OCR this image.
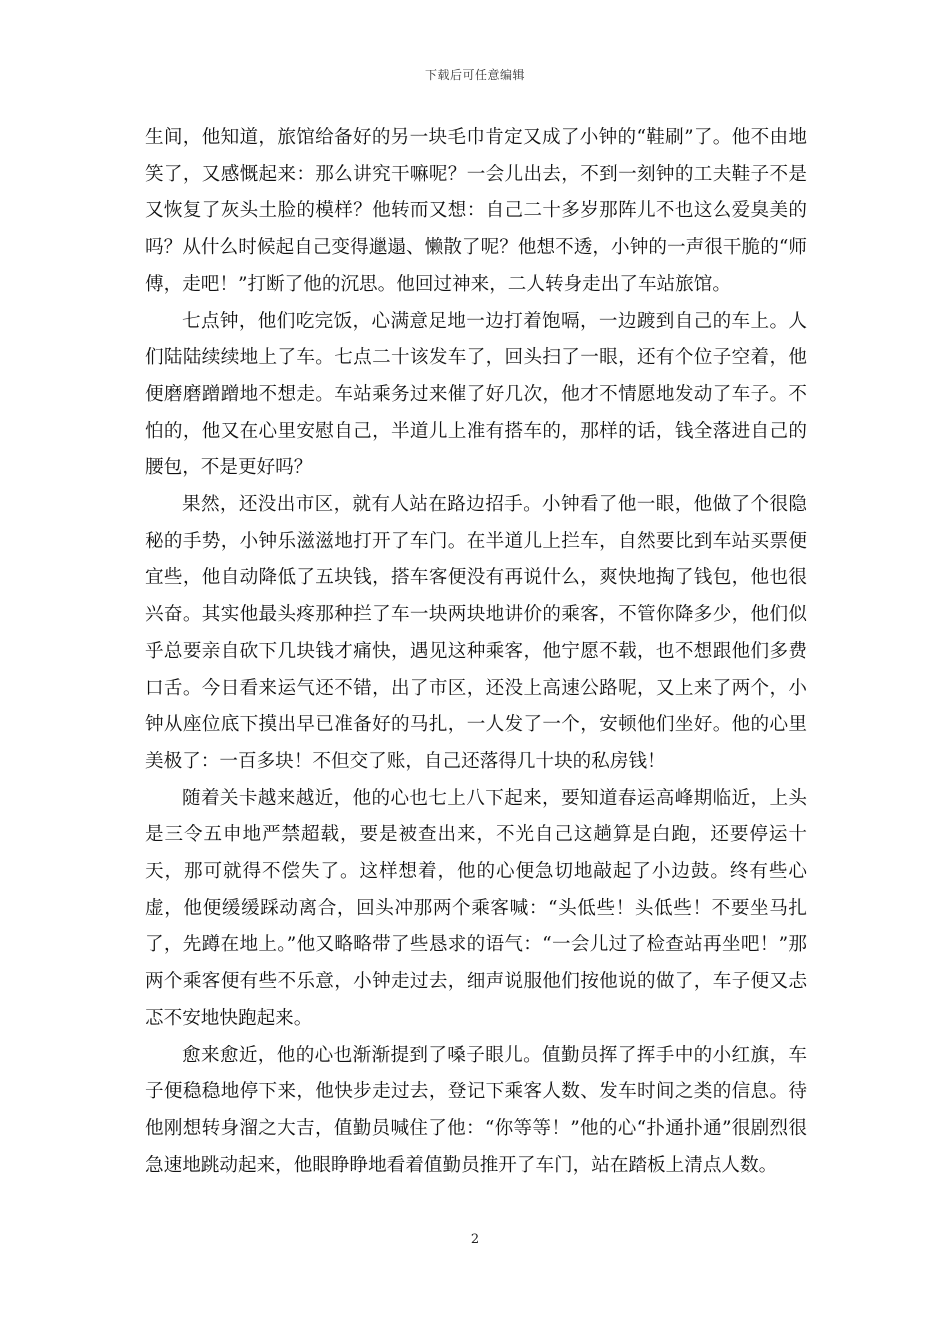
下载后可任意编辑

生间，他知道，旅馆给备好的另一块毛巾肯定又成了小钟的“鞋刷”了。他不由地笑了，又感慨起来：那么讲究干嘛呢？一会儿出去，不到一刻钟的工夫鞋子不是又恢复了灰头土脸的模样？他转而又想：自己二十多岁那阵儿不也这么爱臭美的吗？从什么时候起自己变得邋遢、懒散了呢？他想不透，小钟的一声很干脆的“师傅，走吧！”打断了他的沉思。他回过神来，二人转身走出了车站旅馆。

七点钟，他们吃完饭，心满意足地一边打着饱嗝，一边踱到自己的车上。人们陆陆续续地上了车。七点二十该发车了，回头扫了一眼，还有个位子空着，他便磨磨蹭蹭地不想走。车站乘务过来催了好几次，他才不情愿地发动了车子。不怕的，他又在心里安慰自己，半道儿上准有搭车的，那样的话，钱全落进自己的腰包，不是更好吗？

果然，还没出市区，就有人站在路边招手。小钟看了他一眼，他做了个很隐秘的手势，小钟乐滋滋地打开了车门。在半道儿上拦车，自然要比到车站买票便宜些，他自动降低了五块钱，搭车客便没有再说什么，爽快地掏了钱包，他也很兴奋。其实他最头疼那种拦了车一块两块地讲价的乘客，不管你降多少，他们似乎总要亲自砍下几块钱才痛快，遇见这种乘客，他宁愿不载，也不想跟他们多费口舌。今日看来运气还不错，出了市区，还没上高速公路呢，又上来了两个，小钟从座位底下摸出早已准备好的马扎，一人发了一个，安顿他们坐好。他的心里美极了：一百多块！不但交了账，自己还落得几十块的私房钱！

随着关卡越来越近，他的心也七上八下起来，要知道春运高峰期临近，上头是三令五申地严禁超载，要是被查出来，不光自己这趟算是白跑，还要停运十天，那可就得不偿失了。这样想着，他的心便急切地敲起了小边鼓。终有些心虚，他便缓缓踩动离合，回头冲那两个乘客喊：“头低些！头低些！不要坐马扎了，先蹲在地上。”他又略略带了些恳求的语气：“一会儿过了检查站再坐吧！”那两个乘客便有些不乐意，小钟走过去，细声说服他们按他说的做了，车子便又忐忑不安地快跑起来。

愈来愈近，他的心也渐渐提到了嗓子眼儿。值勤员挥了挥手中的小红旗，车子便稳稳地停下来，他快步走过去，登记下乘客人数、发车时间之类的信息。待他刚想转身溜之大吉，值勤员喊住了他：“你等等！”他的心“扑通扑通”很剧烈很急速地跳动起来，他眼睁睁地看着值勤员推开了车门，站在踏板上清点人数。

2
